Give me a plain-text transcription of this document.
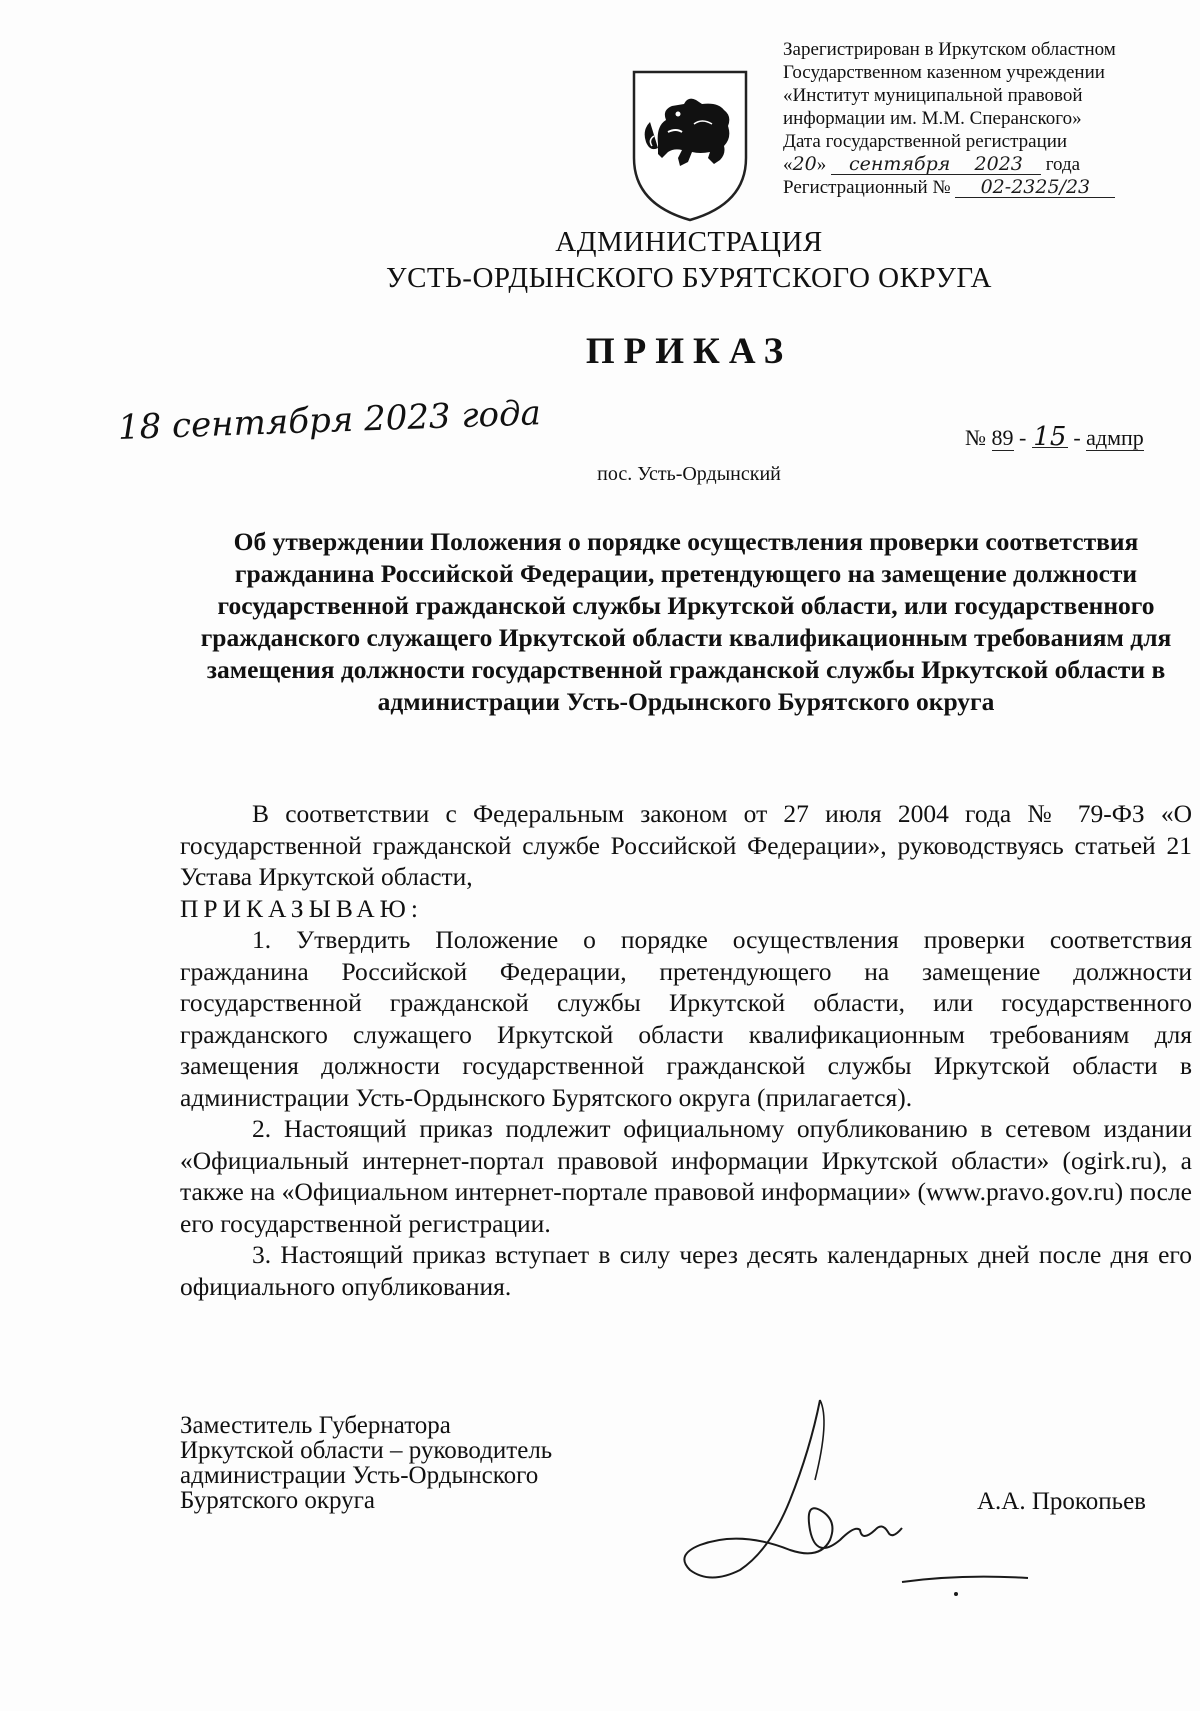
Зарегистрирован в Иркутском областном
Государственном казенном учреждении
«Институт муниципальной правовой
информации им. М.М. Сперанского»
Дата государственной регистрации
«20» сентября 2023 года
Регистрационный № 02-2325/23
АДМИНИСТРАЦИЯ
УСТЬ-ОРДЫНСКОГО БУРЯТСКОГО ОКРУГА
ПРИКАЗ
18 сентября 2023 года	№ 89 - 15 - адмпр
пос. Усть-Ордынский
Об утверждении Положения о порядке осуществления проверки соответствия гражданина Российской Федерации, претендующего на замещение должности государственной гражданской службы Иркутской области, или государственного гражданского служащего Иркутской области квалификационным требованиям для замещения должности государственной гражданской службы Иркутской области в администрации Усть-Ордынского Бурятского округа

В соответствии с Федеральным законом от 27 июля 2004 года № 79-ФЗ «О государственной гражданской службе Российской Федерации», руководствуясь статьей 21 Устава Иркутской области,

ПРИКАЗЫВАЮ:

1. Утвердить Положение о порядке осуществления проверки соответствия гражданина Российской Федерации, претендующего на замещение должности государственной гражданской службы Иркутской области, или государственного гражданского служащего Иркутской области квалификационным требованиям для замещения должности государственной гражданской службы Иркутской области в администрации Усть-Ордынского Бурятского округа (прилагается).

2. Настоящий приказ подлежит официальному опубликованию в сетевом издании «Официальный интернет-портал правовой информации Иркутской области» (ogirk.ru), а также на «Официальном интернет-портале правовой информации» (www.pravo.gov.ru) после его государственной регистрации.

3. Настоящий приказ вступает в силу через десять календарных дней после дня его официального опубликования.

Заместитель Губернатора
Иркутской области – руководитель
администрации Усть-Ордынского
Бурятского округа	А.А. Прокопьев
